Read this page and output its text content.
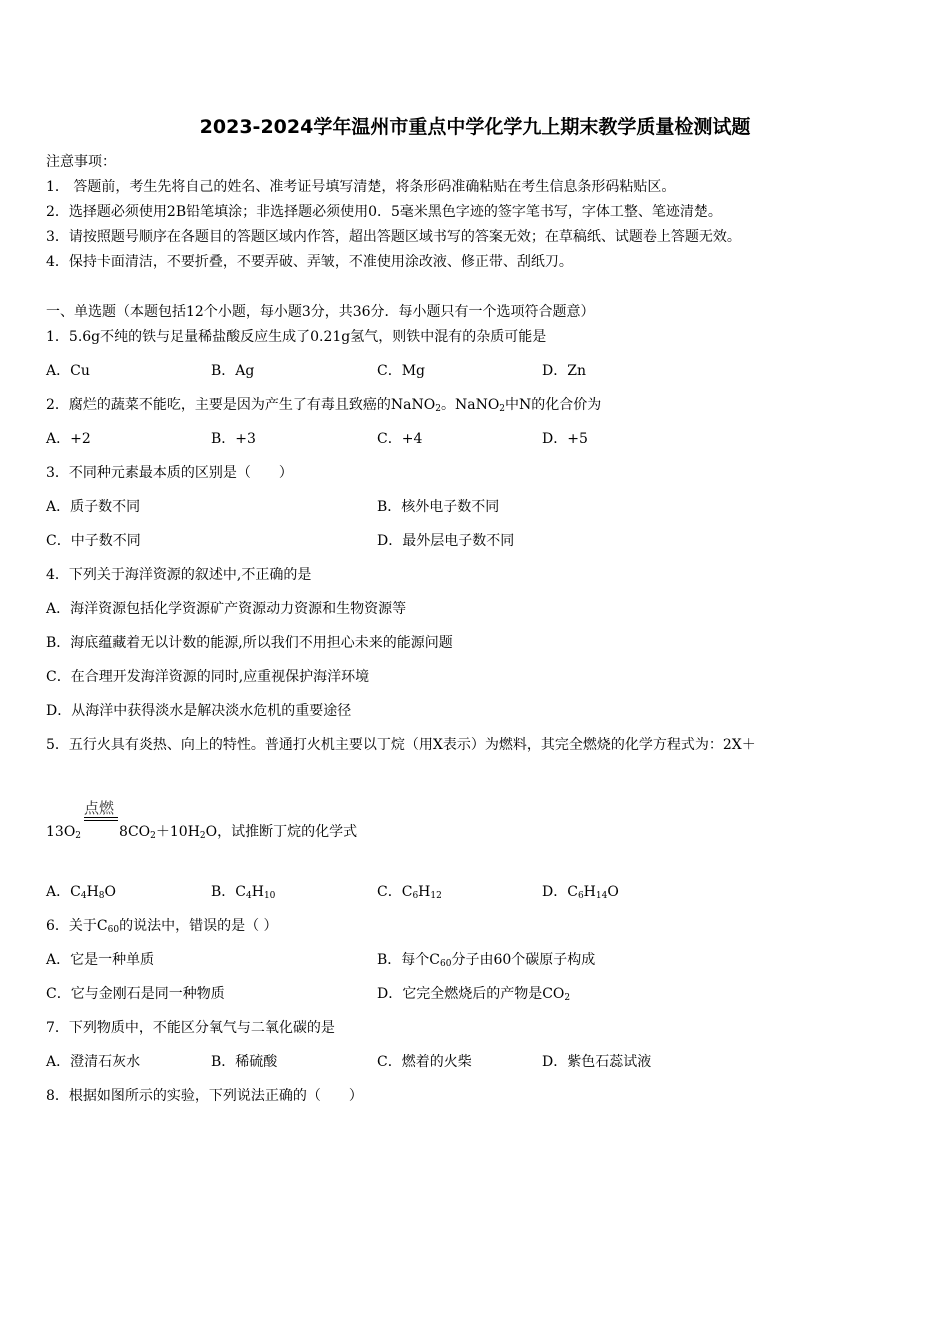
2023-2024学年温州市重点中学化学九上期末教学质量检测试题
注意事项：
1． 答题前，考生先将自己的姓名、准考证号填写清楚，将条形码准确粘贴在考生信息条形码粘贴区。
2．选择题必须使用2B铅笔填涂；非选择题必须使用0．5毫米黑色字迹的签字笔书写，字体工整、笔迹清楚。
3．请按照题号顺序在各题目的答题区域内作答，超出答题区域书写的答案无效；在草稿纸、试题卷上答题无效。
4．保持卡面清洁，不要折叠，不要弄破、弄皱，不准使用涂改液、修正带、刮纸刀。
一、单选题（本题包括12个小题，每小题3分，共36分．每小题只有一个选项符合题意）
1．5.6g不纯的铁与足量稀盐酸反应生成了0.21g氢气，则铁中混有的杂质可能是
A．Cu	B．Ag	C．Mg	D．Zn
2．腐烂的蔬菜不能吃，主要是因为产生了有毒且致癌的NaNO$_2$。NaNO$_2$中N的化合价为
A．+2	B．+3	C．+4	D．+5
3．不同种元素最本质的区别是（　　）
A．质子数不同	B．核外电子数不同
C．中子数不同	D．最外层电子数不同
4．下列关于海洋资源的叙述中,不正确的是
A．海洋资源包括化学资源矿产资源动力资源和生物资源等
B．海底蕴藏着无以计数的能源,所以我们不用担心未来的能源问题
C．在合理开发海洋资源的同时,应重视保护海洋环境
D．从海洋中获得淡水是解决淡水危机的重要途径
5．五行火具有炎热、向上的特性。普通打火机主要以丁烷（用X表示）为燃料，其完全燃烧的化学方程式为：2X＋
点燃
$13O_2$	$8CO_2+10H_2O$，试推断丁烷的化学式
A．$C_4H_8O$	B．$C_4H_{10}$	C．$C_6H_{12}$	D．$C_6H_{14}O$
6．关于$C_{60}$的说法中，错误的是（ ）
A．它是一种单质	B．每个$C_{60}$分子由60个碳原子构成
C．它与金刚石是同一种物质	D．它完全燃烧后的产物是$CO_2$
7．下列物质中，不能区分氧气与二氧化碳的是
A．澄清石灰水	B．稀硫酸	C．燃着的火柴	D．紫色石蕊试液
8．根据如图所示的实验，下列说法正确的（　　）
